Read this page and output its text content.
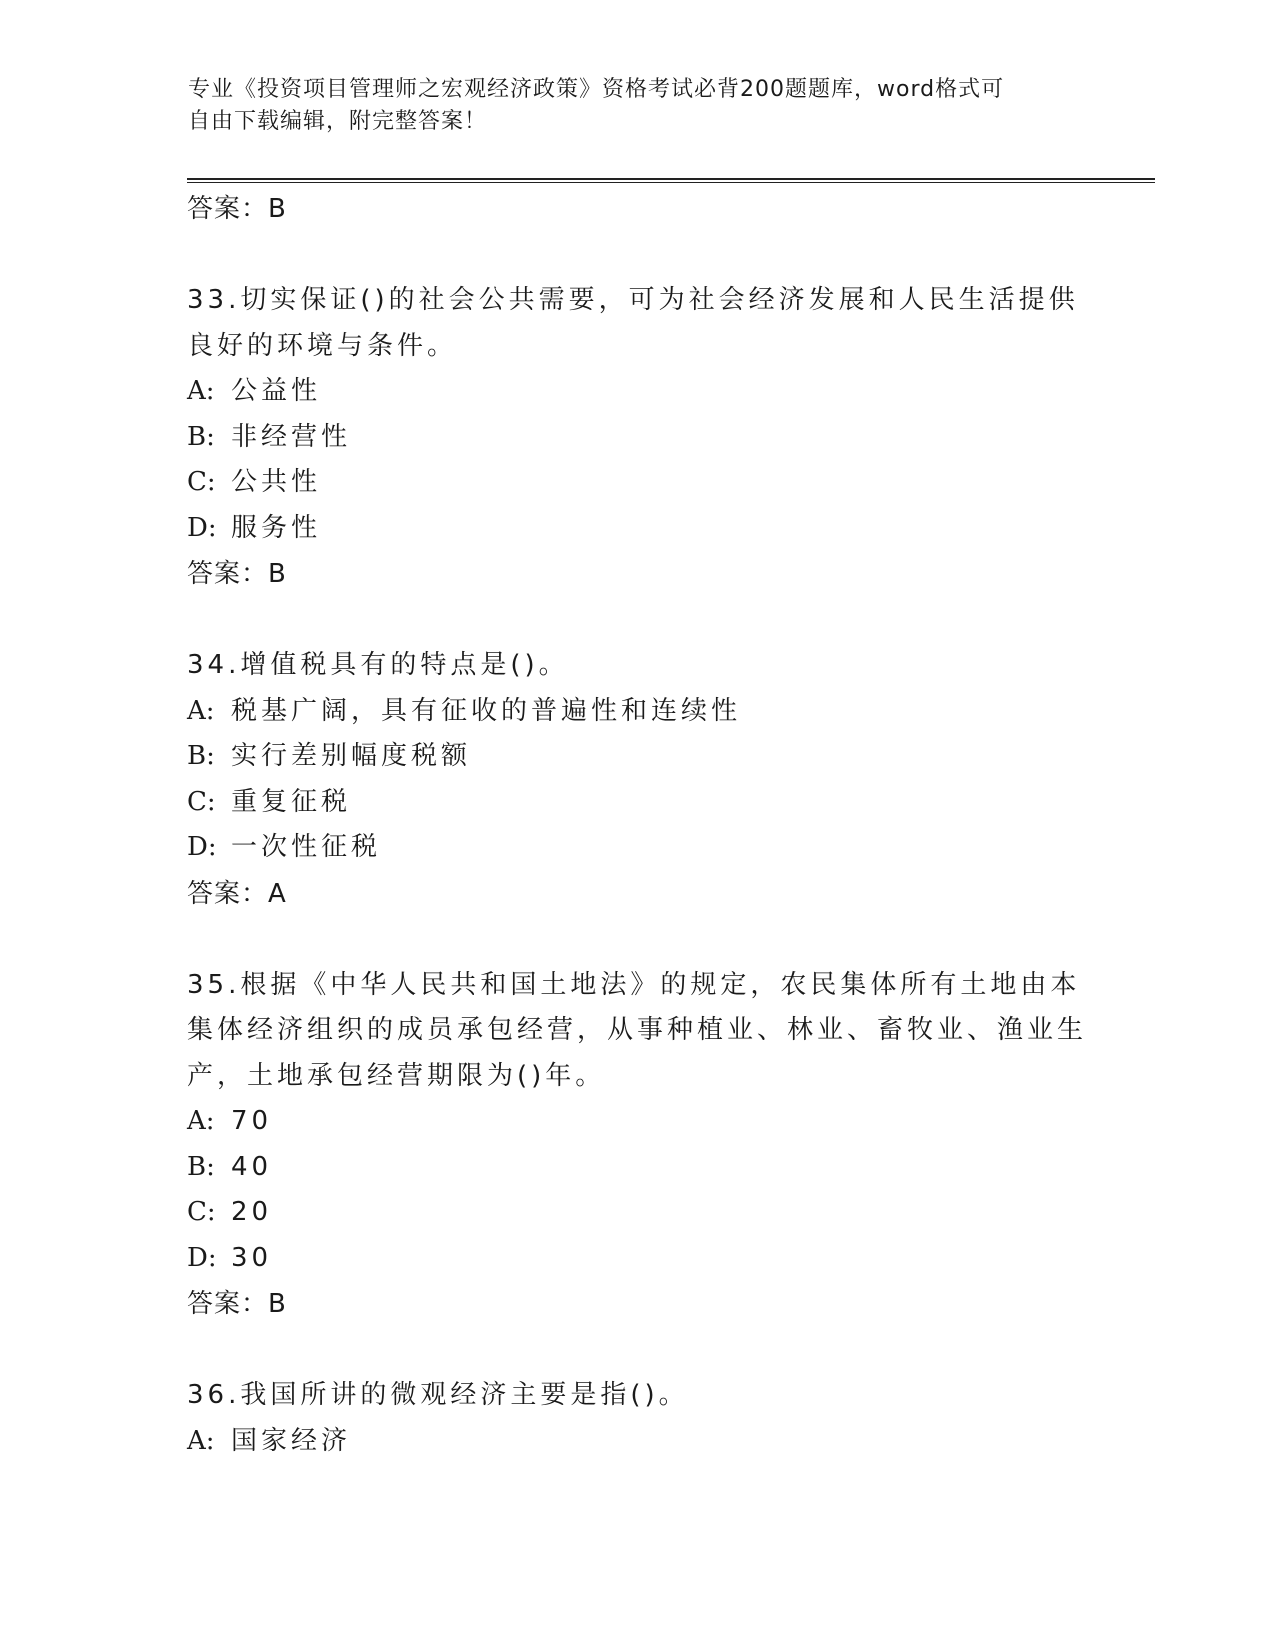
专业《投资项目管理师之宏观经济政策》资格考试必背200题题库，word格式可
自由下载编辑，附完整答案！
答案：B
33.切实保证()的社会公共需要，可为社会经济发展和人民生活提供良好的环境与条件。
A: 公益性
B: 非经营性
C: 公共性
D: 服务性
答案：B
34.增值税具有的特点是()。
A: 税基广阔，具有征收的普遍性和连续性
B: 实行差别幅度税额
C: 重复征税
D: 一次性征税
答案：A
35.根据《中华人民共和国土地法》的规定，农民集体所有土地由本集体经济组织的成员承包经营，从事种植业、林业、畜牧业、渔业生产，土地承包经营期限为()年。
A: 70
B: 40
C: 20
D: 30
答案：B
36.我国所讲的微观经济主要是指()。
A: 国家经济
